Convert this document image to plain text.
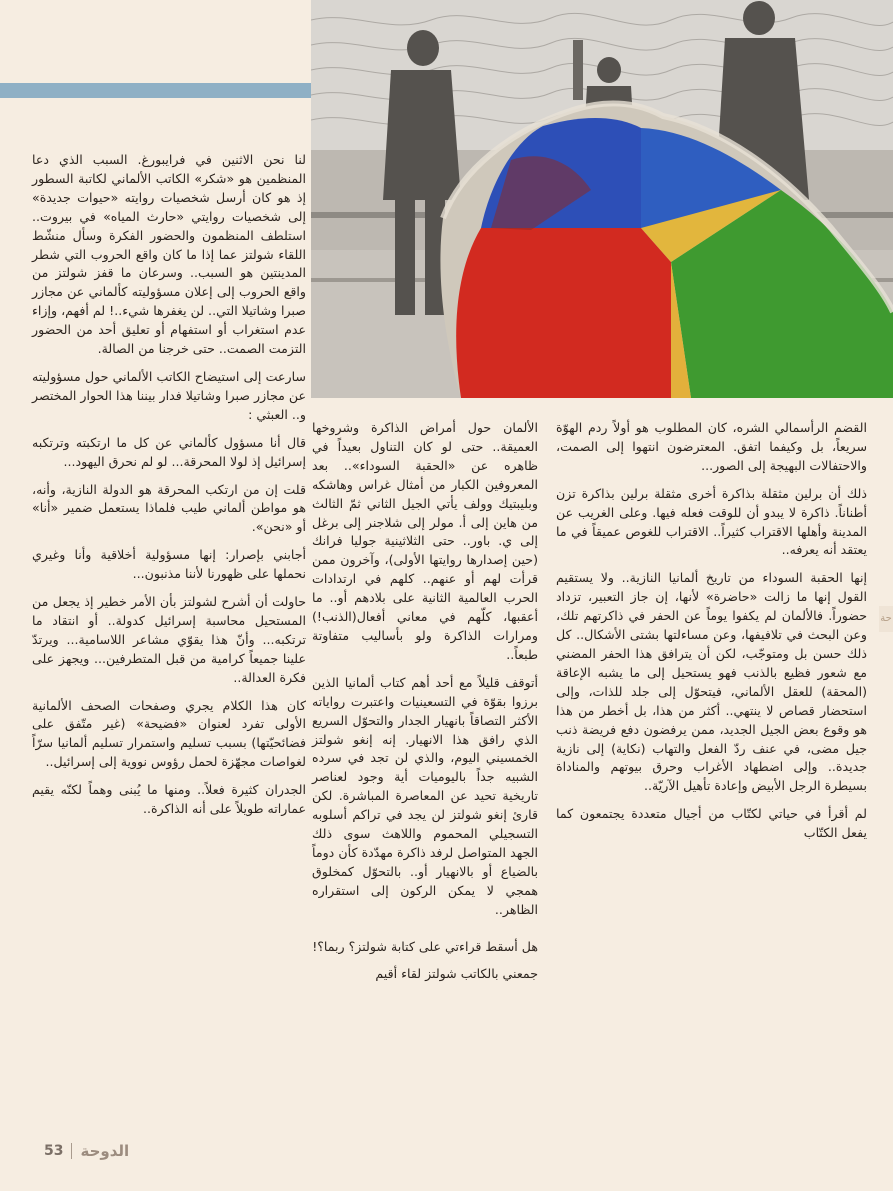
حة

القضم الرأسمالي الشره، كان المطلوب هو أولاً ردم الهوّة سريعاً، بل وكيفما اتفق. المعترضون انتهوا إلى الصمت، والاحتفالات البهيجة إلى الصور...

ذلك أن برلين مثقلة بذاكرة أخرى مثقلة برلين بذاكرة تزن أطناناً. ذاكرة لا يبدو أن للوقت فعله فيها. وعلى الغريب عن المدينة وأهلها الاقتراب كثيراً.. الاقتراب للغوص عميقاً في ما يعتقد أنه يعرفه..

إنها الحقبة السوداء من تاريخ ألمانيا النازية.. ولا يستقيم القول إنها ما زالت «حاضرة» لأنها، إن جاز التعبير، تزداد حضوراً. فالألمان لم يكفوا يوماً عن الحفر في ذاكرتهم تلك، وعن البحث في تلافيفها، وعن مساءلتها بشتى الأشكال.. كل ذلك حسن بل ومتوجّب، لكن أن يترافق هذا الحفر المضني مع شعور فظيع بالذنب فهو يستحيل إلى ما يشبه الإعاقة (المحقة) للعقل الألماني، فيتحوّل إلى جلد للذات، وإلى استحضار قصاص لا ينتهي.. أكثر من هذا، بل أخطر من هذا هو وقوع بعض الجيل الجديد، ممن يرفضون دفع فريضة ذنب جيل مضى، في عنف ردّ الفعل والتهاب (نكاية) إلى نازية جديدة.. وإلى اضطهاد الأغراب وحرق بيوتهم والمناداة بسيطرة الرجل الأبيض وإعادة تأهيل الآريّة..

لم أقرأ في حياتي لكتّاب من أجيال متعددة يجتمعون كما يفعل الكتّاب

الألمان حول أمراض الذاكرة وشروخها العميقة.. حتى لو كان التناول بعيداً في ظاهره عن «الحقبة السوداء».. بعد المعروفين الكبار من أمثال غراس وهاشكه وبليبتيك وولف يأتي الجيل الثاني ثمّ الثالث من هاين إلى أ. مولر إلى شلاجنر إلى برغل إلى ي. باور.. حتى الثلاثينية جوليا فرانك (حين إصدارها روايتها الأولى)، وآخرون ممن قرأت لهم أو عنهم.. كلهم في ارتدادات الحرب العالمية الثانية على بلادهم أو.. ما أعقبها، كلّهم في معاني أفعال(الذنب!) ومرارات الذاكرة ولو بأساليب متفاوتة طبعاً..

أتوقف قليلاً مع أحد أهم كتاب ألمانيا الذين برزوا بقوّة في التسعينيات واعتبرت رواياته الأكثر التصاقاً بانهيار الجدار والتحوّل السريع الذي رافق هذا الانهيار. إنه إنغو شولتز الخمسيني اليوم، والذي لن تجد في سرده الشبيه جداً باليوميات أية وجود لعناصر تاريخية تحيد عن المعاصرة المباشرة. لكن قارئ إنغو شولتز لن يجد في تراكم أسلوبه التسجيلي المحموم واللاهث سوى ذلك الجهد المتواصل لرفد ذاكرة مهدّدة كأن دوماً بالضياع أو بالانهيار أو.. بالتحوّل كمخلوق همجي لا يمكن الركون إلى استقراره الظاهر..

هل أسقط قراءتي على كتابة شولتز؟ ربما؟!

جمعني بالكاتب شولتز لقاء أقيم

لنا نحن الاثنين في فرايبورغ. السبب الذي دعا المنظمين هو «شكر» الكاتب الألماني لكاتبة السطور إذ هو كان أرسل شخصيات روايته «حيوات جديدة» إلى شخصيات روايتي «حارث المياه» في بيروت.. استلطف المنظمون والحضور الفكرة وسأل منشّط اللقاء شولتز عما إذا ما كان واقع الحروب التي شطر المدينتين هو السبب.. وسرعان ما قفز شولتز من واقع الحروب إلى إعلان مسؤوليته كألماني عن مجازر صبرا وشاتيلا التي.. لن يغفرها شيء..! لم أفهم، وإزاء عدم استغراب أو استفهام أو تعليق أحد من الحضور التزمت الصمت.. حتى خرجنا من الصالة.

سارعت إلى استيضاح الكاتب الألماني حول مسؤوليته عن مجازر صبرا وشاتيلا فدار بيننا هذا الحوار المختصر و.. العبثي :

قال أنا مسؤول كألماني عن كل ما ارتكبته وترتكبه إسرائيل إذ لولا المحرقة... لو لم نحرق اليهود...

قلت إن من ارتكب المحرقة هو الدولة النازية، وأنه، هو مواطن ألماني طيب فلماذا يستعمل ضمير «أنا» أو «نحن».

أجابني بإصرار: إنها مسؤولية أخلاقية وأنا وغيري نحملها على ظهورنا لأننا مذنبون...

حاولت أن أشرح لشولتز بأن الأمر خطير إذ يجعل من المستحيل محاسبة إسرائيل كدولة.. أو انتقاد ما ترتكبه... وأنّ هذا يقوّي مشاعر اللاسامية... ويرتدّ علينا جميعاً كرامية من قبل المتطرفين... ويجهز على فكرة العدالة..

كان هذا الكلام يجري وصفحات الصحف الألمانية الأولى تفرد لعنوان «فضيحة» (غير متّفق على فضائحيّتها) بسبب تسليم واستمرار تسليم ألمانيا سرّاً لغواصات مجهّزة لحمل رؤوس نووية إلى إسرائيل..

الجدران كثيرة فعلاً.. ومنها ما يُبنى وهماً لكنّه يقيم عماراته طويلاً على أنه الذاكرة..

53 الدوحة
